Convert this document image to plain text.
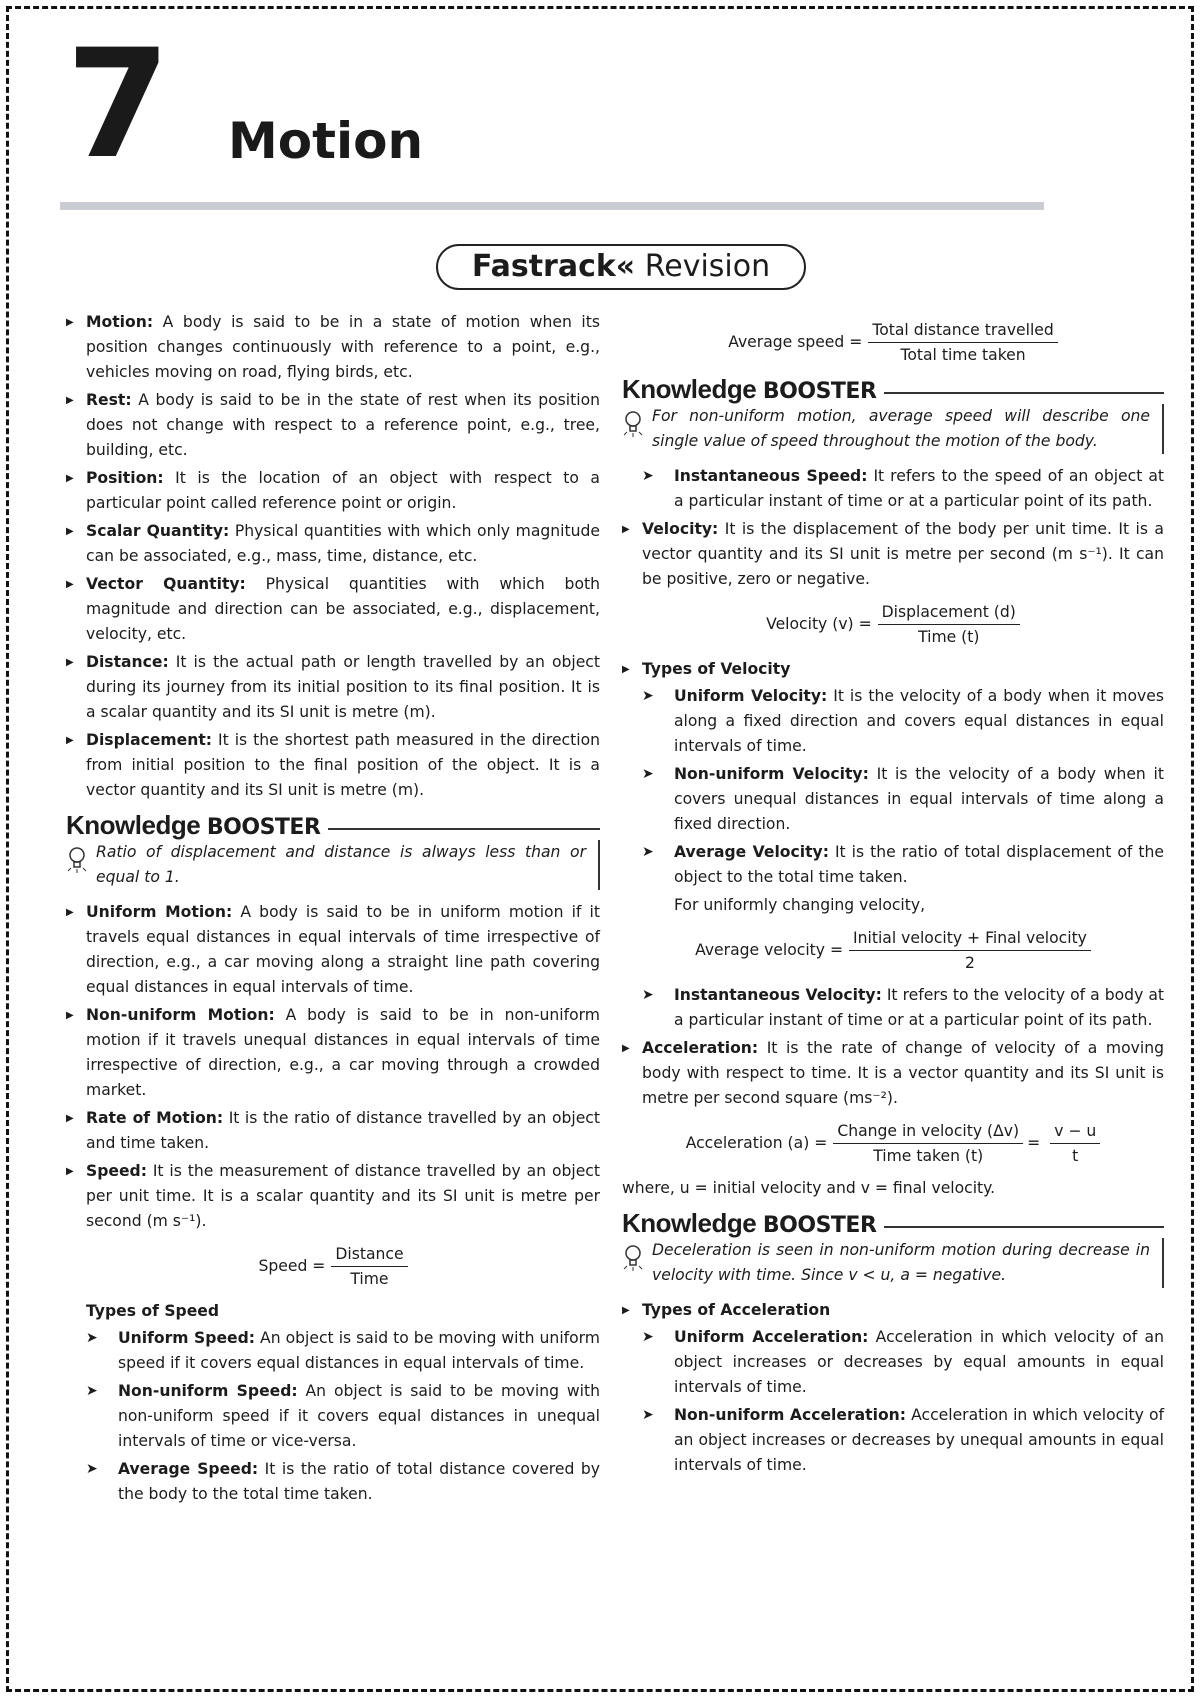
7 Motion
Fastrack« Revision
▶ Motion: A body is said to be in a state of motion when its position changes continuously with reference to a point, e.g., vehicles moving on road, flying birds, etc.
▶ Rest: A body is said to be in the state of rest when its position does not change with respect to a reference point, e.g., tree, building, etc.
▶ Position: It is the location of an object with respect to a particular point called reference point or origin.
▶ Scalar Quantity: Physical quantities with which only magnitude can be associated, e.g., mass, time, distance, etc.
▶ Vector Quantity: Physical quantities with which both magnitude and direction can be associated, e.g., displacement, velocity, etc.
▶ Distance: It is the actual path or length travelled by an object during its journey from its initial position to its final position. It is a scalar quantity and its SI unit is metre (m).
▶ Displacement: It is the shortest path measured in the direction from initial position to the final position of the object. It is a vector quantity and its SI unit is metre (m).
Knowledge BOOSTER
Ratio of displacement and distance is always less than or equal to 1.
▶ Uniform Motion: A body is said to be in uniform motion if it travels equal distances in equal intervals of time irrespective of direction, e.g., a car moving along a straight line path covering equal distances in equal intervals of time.
▶ Non-uniform Motion: A body is said to be in non-uniform motion if it travels unequal distances in equal intervals of time irrespective of direction, e.g., a car moving through a crowded market.
▶ Rate of Motion: It is the ratio of distance travelled by an object and time taken.
▶ Speed: It is the measurement of distance travelled by an object per unit time. It is a scalar quantity and its SI unit is metre per second (m s⁻¹).
Speed = $\frac{\text{Distance}}{\text{Time}}$
Types of Speed
➤ Uniform Speed: An object is said to be moving with uniform speed if it covers equal distances in equal intervals of time.
➤ Non-uniform Speed: An object is said to be moving with non-uniform speed if it covers equal distances in unequal intervals of time or vice-versa.
➤ Average Speed: It is the ratio of total distance covered by the body to the total time taken.
Average speed = $\frac{\text{Total distance travelled}}{\text{Total time taken}}$
Knowledge BOOSTER
For non-uniform motion, average speed will describe one single value of speed throughout the motion of the body.
➤ Instantaneous Speed: It refers to the speed of an object at a particular instant of time or at a particular point of its path.
▶ Velocity: It is the displacement of the body per unit time. It is a vector quantity and its SI unit is metre per second (m s⁻¹). It can be positive, zero or negative.
Velocity $(v) = \frac{\text{Displacement (d)}}{\text{Time (t)}}$
▶ Types of Velocity
➤ Uniform Velocity: It is the velocity of a body when it moves along a fixed direction and covers equal distances in equal intervals of time.
➤ Non-uniform Velocity: It is the velocity of a body when it covers unequal distances in equal intervals of time along a fixed direction.
➤ Average Velocity: It is the ratio of total displacement of the object to the total time taken.
For uniformly changing velocity,
Average velocity = $\frac{\text{Initial velocity + Final velocity}}{2}$
➤ Instantaneous Velocity: It refers to the velocity of a body at a particular instant of time or at a particular point of its path.
▶ Acceleration: It is the rate of change of velocity of a moving body with respect to time. It is a vector quantity and its SI unit is metre per second square (ms⁻²).
Acceleration $(a) = \frac{\text{Change in velocity (Δv)}}{\text{Time taken (t)}} = \frac{v - u}{t}$
where, u = initial velocity and v = final velocity.
Knowledge BOOSTER
Deceleration is seen in non-uniform motion during decrease in velocity with time. Since v < u, a = negative.
▶ Types of Acceleration
➤ Uniform Acceleration: Acceleration in which velocity of an object increases or decreases by equal amounts in equal intervals of time.
➤ Non-uniform Acceleration: Acceleration in which velocity of an object increases or decreases by unequal amounts in equal intervals of time.
